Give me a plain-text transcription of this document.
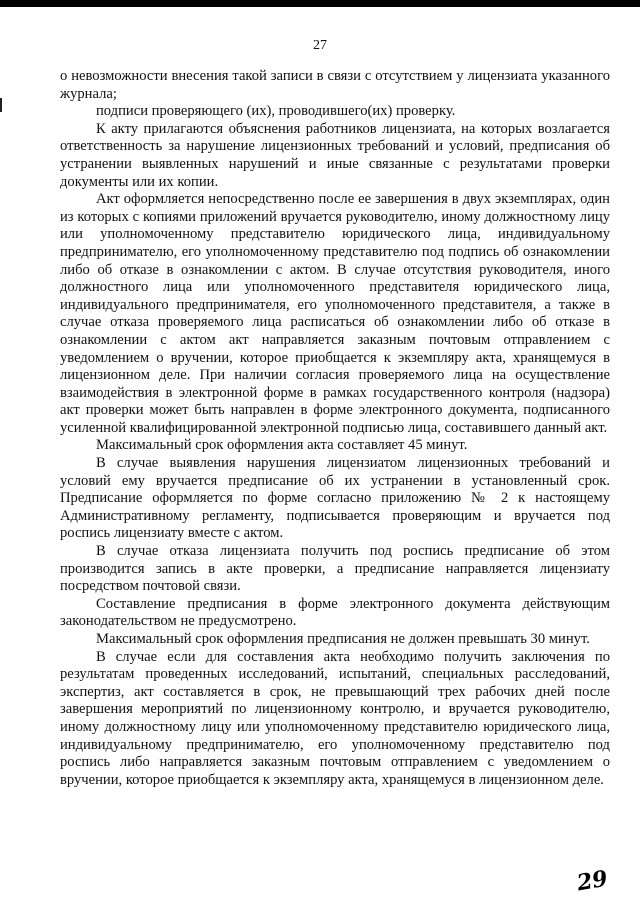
27

о невозможности внесения такой записи в связи с отсутствием у лицензиата указанного журнала;

подписи проверяющего (их), проводившего(их) проверку.

К акту прилагаются объяснения работников лицензиата, на которых возлагается ответственность за нарушение лицензионных требований и условий, предписания об устранении выявленных нарушений и иные связанные с результатами проверки документы или их копии.

Акт оформляется непосредственно после ее завершения в двух экземплярах, один из которых с копиями приложений вручается руководителю, иному должностному лицу или уполномоченному представителю юридического лица, индивидуальному предпринимателю, его уполномоченному представителю под подпись об ознакомлении либо об отказе в ознакомлении с актом. В случае отсутствия руководителя, иного должностного лица или уполномоченного представителя юридического лица, индивидуального предпринимателя, его уполномоченного представителя, а также в случае отказа проверяемого лица расписаться об ознакомлении либо об отказе в ознакомлении с актом акт направляется заказным почтовым отправлением с уведомлением о вручении, которое приобщается к экземпляру акта, хранящемуся в лицензионном деле. При наличии согласия проверяемого лица на осуществление взаимодействия в электронной форме в рамках государственного контроля (надзора) акт проверки может быть направлен в форме электронного документа, подписанного усиленной квалифицированной электронной подписью лица, составившего данный акт.

Максимальный срок оформления акта составляет 45 минут.

В случае выявления нарушения лицензиатом лицензионных требований и условий ему вручается предписание об их устранении в установленный срок. Предписание оформляется по форме согласно приложению № 2 к настоящему Административному регламенту, подписывается проверяющим и вручается под роспись лицензиату вместе с актом.

В случае отказа лицензиата получить под роспись предписание об этом производится запись в акте проверки, а предписание направляется лицензиату посредством почтовой связи.

Составление предписания в форме электронного документа действующим законодательством не предусмотрено.

Максимальный срок оформления предписания не должен превышать 30 минут.

В случае если для составления акта необходимо получить заключения по результатам проведенных исследований, испытаний, специальных расследований, экспертиз, акт составляется в срок, не превышающий трех рабочих дней после завершения мероприятий по лицензионному контролю, и вручается руководителю, иному должностному лицу или уполномоченному представителю юридического лица, индивидуальному предпринимателю, его уполномоченному представителю под роспись либо направляется заказным почтовым отправлением с уведомлением о вручении, которое приобщается к экземпляру акта, хранящемуся в лицензионном деле.

29
